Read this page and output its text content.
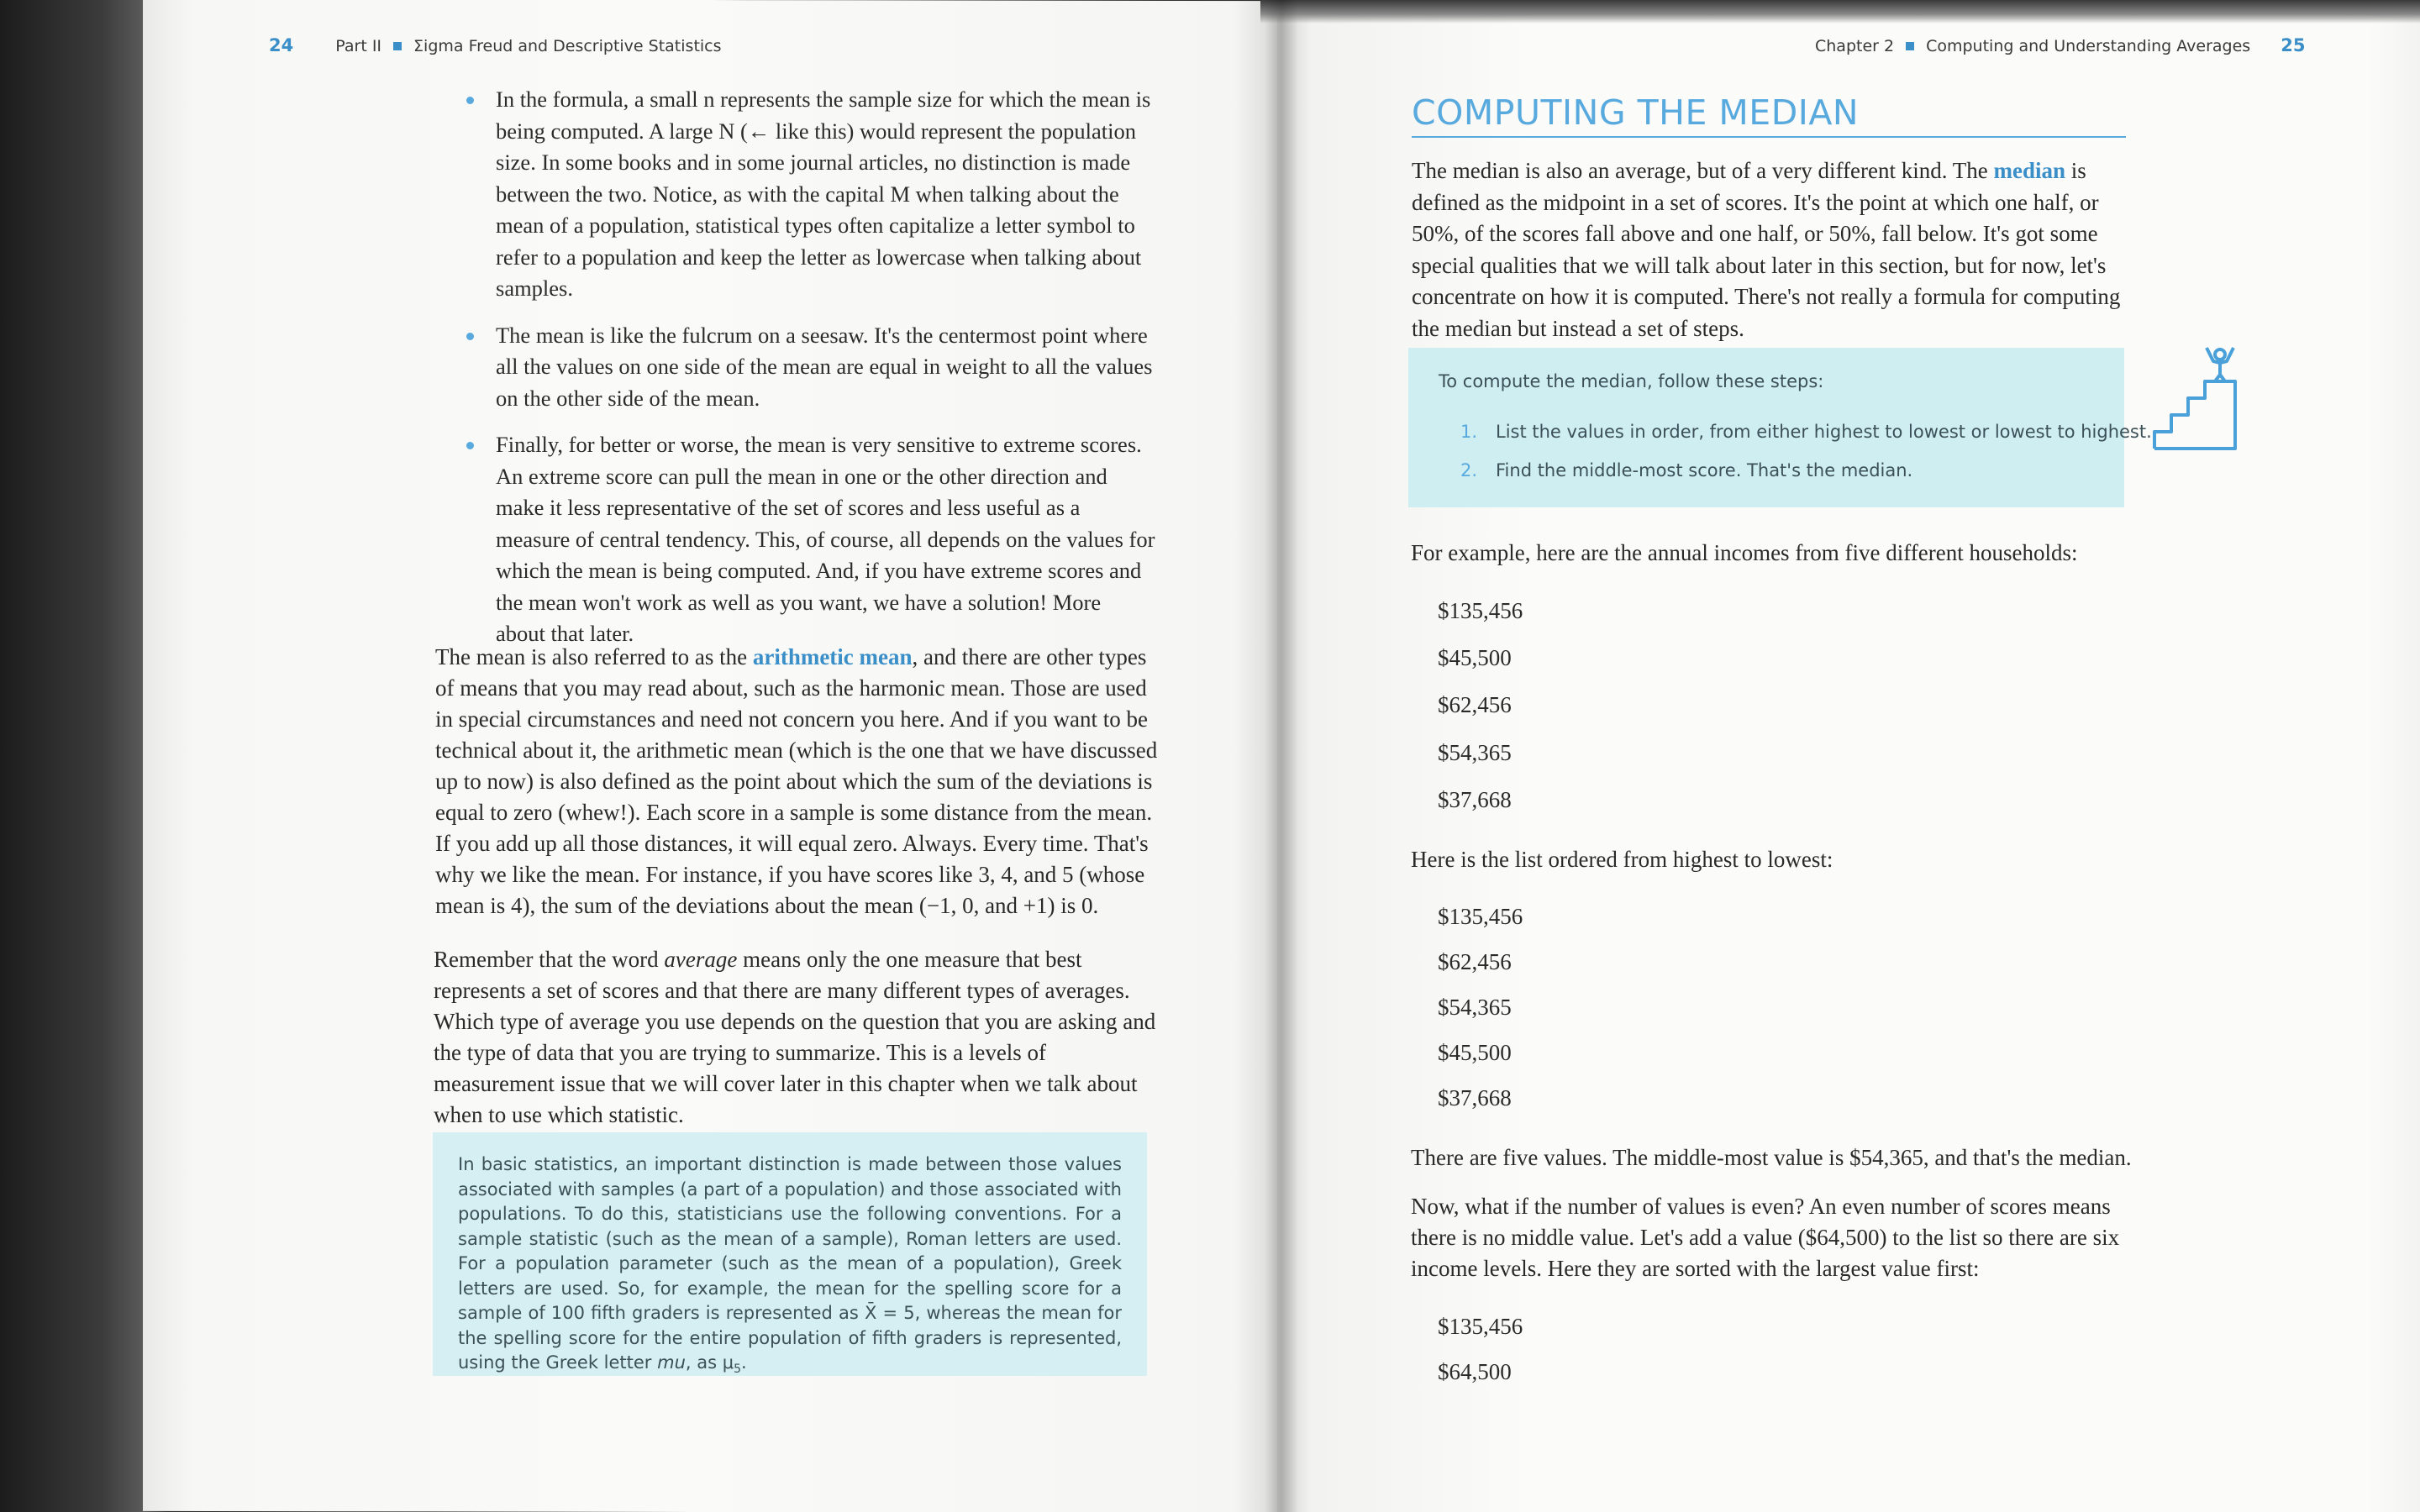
24	Part II Σigma Freud and Descriptive Statistics	Chapter 2 Computing and Understanding Averages 25
In the formula, a small n represents the sample size for which the mean is being computed. A large N (← like this) would represent the population size. In some books and in some journal articles, no distinction is made between the two. Notice, as with the capital M when talking about the mean of a population, statistical types often capitalize a letter symbol to refer to a population and keep the letter as lowercase when talking about samples.
The mean is like the fulcrum on a seesaw. It's the centermost point where all the values on one side of the mean are equal in weight to all the values on the other side of the mean.
Finally, for better or worse, the mean is very sensitive to extreme scores. An extreme score can pull the mean in one or the other direction and make it less representative of the set of scores and less useful as a measure of central tendency. This, of course, all depends on the values for which the mean is being computed. And, if you have extreme scores and the mean won't work as well as you want, we have a solution! More about that later.

The mean is also referred to as the arithmetic mean, and there are other types of means that you may read about, such as the harmonic mean. Those are used in special circumstances and need not concern you here. And if you want to be technical about it, the arithmetic mean (which is the one that we have discussed up to now) is also defined as the point about which the sum of the deviations is equal to zero (whew!). Each score in a sample is some distance from the mean. If you add up all those distances, it will equal zero. Always. Every time. That's why we like the mean. For instance, if you have scores like 3, 4, and 5 (whose mean is 4), the sum of the deviations about the mean (−1, 0, and +1) is 0.

Remember that the word average means only the one measure that best represents a set of scores and that there are many different types of averages. Which type of average you use depends on the question that you are asking and the type of data that you are trying to summarize. This is a levels of measurement issue that we will cover later in this chapter when we talk about when to use which statistic.

In basic statistics, an important distinction is made between those values associated with samples (a part of a population) and those associated with populations. To do this, statisticians use the following conventions. For a sample statistic (such as the mean of a sample), Roman letters are used. For a population parameter (such as the mean of a population), Greek letters are used. So, for example, the mean for the spelling score for a sample of 100 fifth graders is represented as X̄ = 5, whereas the mean for the spelling score for the entire population of fifth graders is represented, using the Greek letter mu, as $\mu_5$.
COMPUTING THE MEDIAN

The median is also an average, but of a very different kind. The median is defined as the midpoint in a set of scores. It's the point at which one half, or 50%, of the scores fall above and one half, or 50%, fall below. It's got some special qualities that we will talk about later in this section, but for now, let's concentrate on how it is computed. There's not really a formula for computing the median but instead a set of steps.

To compute the median, follow these steps:
1. List the values in order, from either highest to lowest or lowest to highest.
2. Find the middle-most score. That's the median.

For example, here are the annual incomes from five different households:

$135,456
$45,500
$62,456
$54,365
$37,668

Here is the list ordered from highest to lowest:

$135,456
$62,456
$54,365
$45,500
$37,668

There are five values. The middle-most value is $54,365, and that's the median.

Now, what if the number of values is even? An even number of scores means there is no middle value. Let's add a value ($64,500) to the list so there are six income levels. Here they are sorted with the largest value first:

$135,456
$64,500
